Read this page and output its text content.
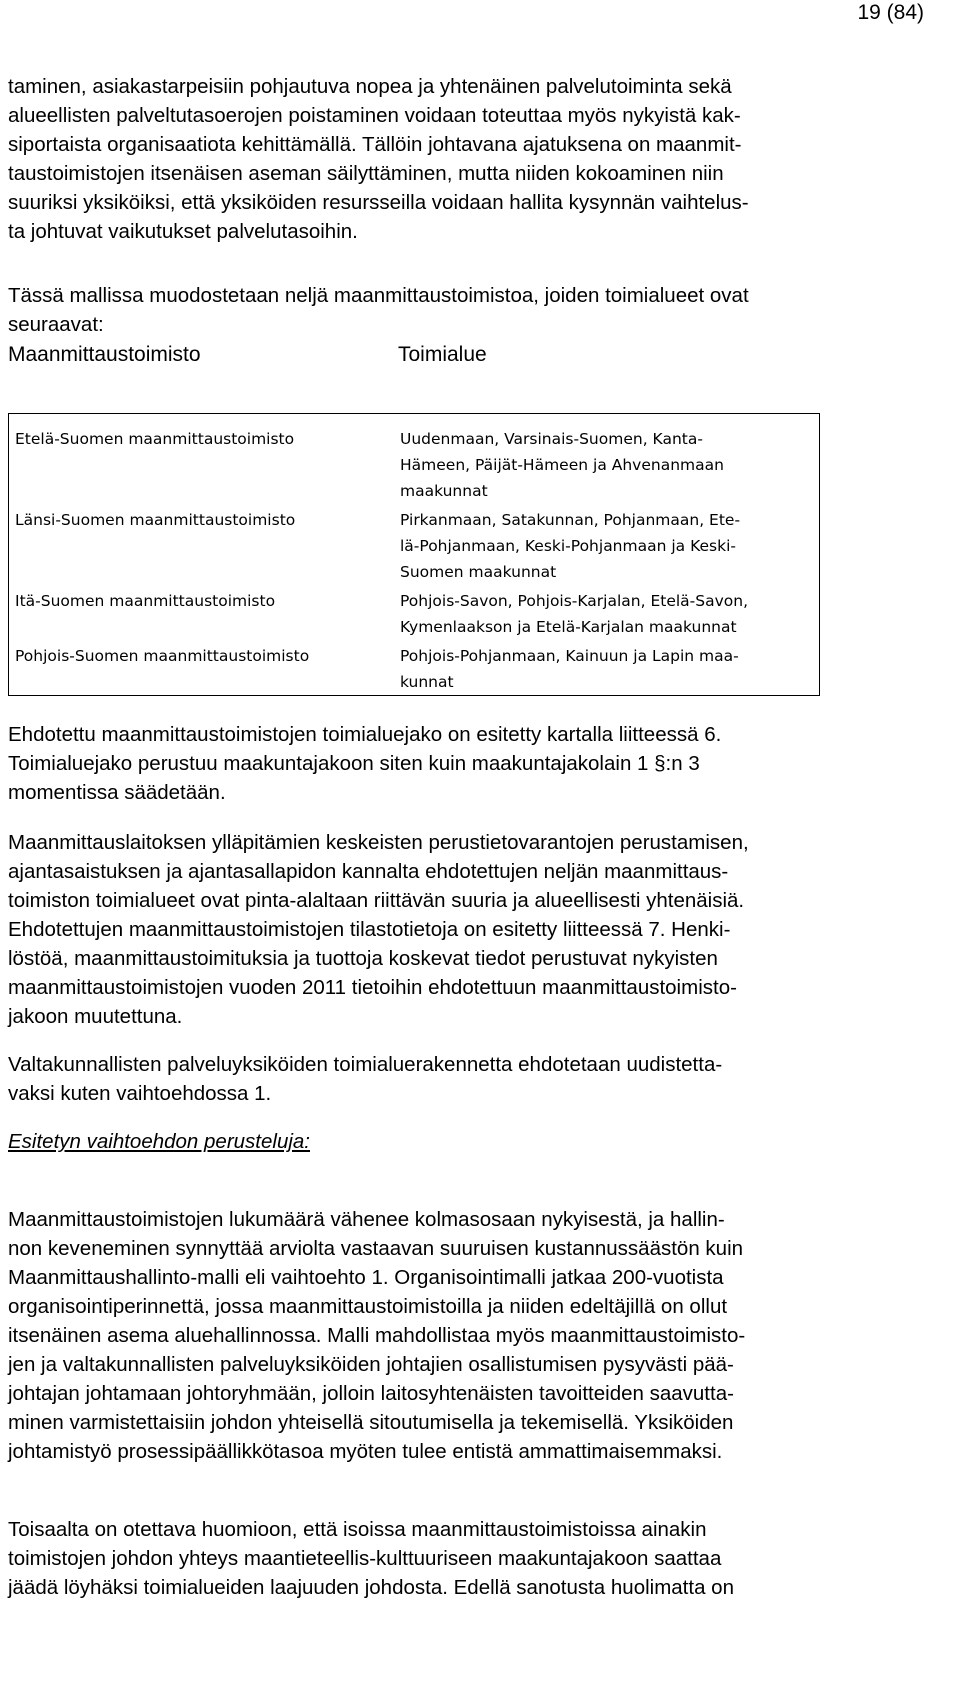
19 (84)
taminen, asiakastarpeisiin pohjautuva nopea ja yhtenäinen palvelutoiminta sekä
alueellisten palveltutasoerojen poistaminen voidaan toteuttaa myös nykyistä kak-
siportaista organisaatiota kehittämällä. Tällöin johtavana ajatuksena on maanmit-
taustoimistojen itsenäisen aseman säilyttäminen, mutta niiden kokoaminen niin
suuriksi yksiköiksi, että yksiköiden resursseilla voidaan hallita kysynnän vaihtelus-
ta johtuvat vaikutukset palvelutasoihin.
Tässä mallissa muodostetaan neljä maanmittaustoimistoa, joiden toimialueet ovat
seuraavat:
Maanmittaustoimisto	Toimialue
Etelä-Suomen maanmittaustoimisto	Uudenmaan, Varsinais-Suomen, Kanta-
Hämeen, Päijät-Hämeen ja Ahvenanmaan
maakunnat
Länsi-Suomen maanmittaustoimisto	Pirkanmaan, Satakunnan, Pohjanmaan, Ete-
lä-Pohjanmaan, Keski-Pohjanmaan ja Keski-
Suomen maakunnat
Itä-Suomen maanmittaustoimisto	Pohjois-Savon, Pohjois-Karjalan, Etelä-Savon,
Kymenlaakson ja Etelä-Karjalan maakunnat
Pohjois-Suomen maanmittaustoimisto	Pohjois-Pohjanmaan, Kainuun ja Lapin maa-
kunnat
Ehdotettu maanmittaustoimistojen toimialuejako on esitetty kartalla liitteessä 6.
Toimialuejako perustuu maakuntajakoon siten kuin maakuntajakolain 1 §:n 3
momentissa säädetään.
Maanmittauslaitoksen ylläpitämien keskeisten perustietovarantojen perustamisen,
ajantasaistuksen ja ajantasallapidon kannalta ehdotettujen neljän maanmittaus-
toimiston toimialueet ovat pinta-alaltaan riittävän suuria ja alueellisesti yhtenäisiä.
Ehdotettujen maanmittaustoimistojen tilastotietoja on esitetty liitteessä 7. Henki-
löstöä, maanmittaustoimituksia ja tuottoja koskevat tiedot perustuvat nykyisten
maanmittaustoimistojen vuoden 2011 tietoihin ehdotettuun maanmittaustoimisto-
jakoon muutettuna.
Valtakunnallisten palveluyksiköiden toimialuerakennetta ehdotetaan uudistetta-
vaksi kuten vaihtoehdossa 1.
Esitetyn vaihtoehdon perusteluja:
Maanmittaustoimistojen lukumäärä vähenee kolmasosaan nykyisestä, ja hallin-
non keveneminen synnyttää arviolta vastaavan suuruisen kustannussäästön kuin
Maanmittaushallinto-malli eli vaihtoehto 1. Organisointimalli jatkaa 200-vuotista
organisointiperinnettä, jossa maanmittaustoimistoilla ja niiden edeltäjillä on ollut
itsenäinen asema aluehallinnossa. Malli mahdollistaa myös maanmittaustoimisto-
jen ja valtakunnallisten palveluyksiköiden johtajien osallistumisen pysyvästi pää-
johtajan johtamaan johtoryhmään, jolloin laitosyhtenäisten tavoitteiden saavutta-
minen varmistettaisiin johdon yhteisellä sitoutumisella ja tekemisellä. Yksiköiden
johtamistyö prosessipäällikkötasoa myöten tulee entistä ammattimaisemmaksi.
Toisaalta on otettava huomioon, että isoissa maanmittaustoimistoissa ainakin
toimistojen johdon yhteys maantieteellis-kulttuuriseen maakuntajakoon saattaa
jäädä löyhäksi toimialueiden laajuuden johdosta. Edellä sanotusta huolimatta on
